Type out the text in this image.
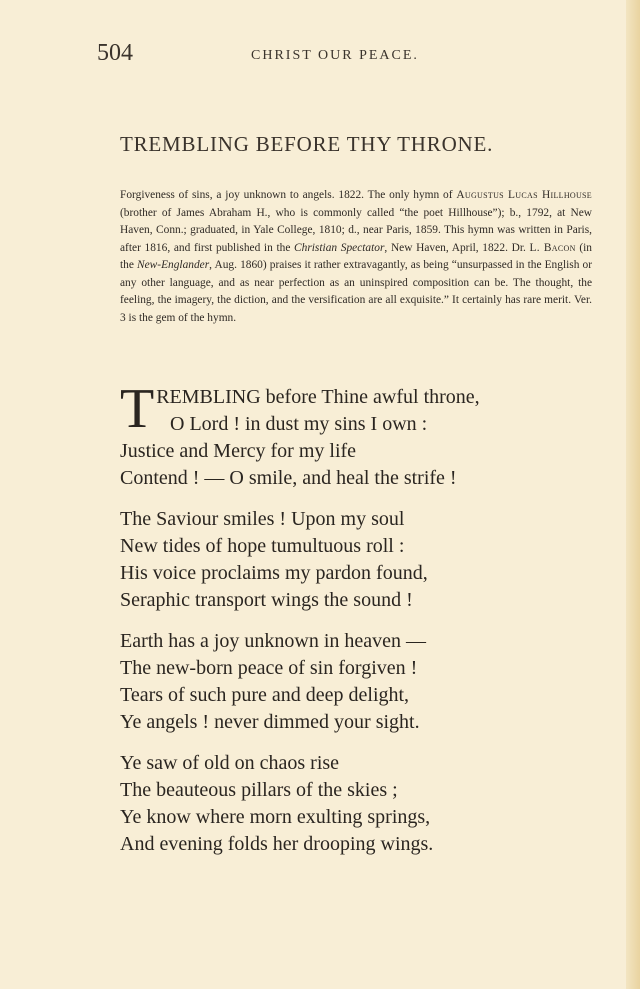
504	CHRIST OUR PEACE.
TREMBLING BEFORE THY THRONE.
Forgiveness of sins, a joy unknown to angels. 1822. The only hymn of Augustus Lucas Hillhouse (brother of James Abraham H., who is commonly called “the poet Hillhouse”); b., 1792, at New Haven, Conn.; graduated, in Yale College, 1810; d., near Paris, 1859. This hymn was written in Paris, after 1816, and first published in the Christian Spectator, New Haven, April, 1822. Dr. L. Bacon (in the New-Englander, Aug. 1860) praises it rather extravagantly, as being “unsurpassed in the English or any other language, and as near perfection as an uninspired composition can be. The thought, the feeling, the imagery, the diction, and the versification are all exquisite.” It certainly has rare merit. Ver. 3 is the gem of the hymn.
T REMBLING before Thine awful throne,
O Lord ! in dust my sins I own :
Justice and Mercy for my life
Contend ! — O smile, and heal the strife !
The Saviour smiles ! Upon my soul
New tides of hope tumultuous roll :
His voice proclaims my pardon found,
Seraphic transport wings the sound !
Earth has a joy unknown in heaven —
The new-born peace of sin forgiven !
Tears of such pure and deep delight,
Ye angels ! never dimmed your sight.
Ye saw of old on chaos rise
The beauteous pillars of the skies ;
Ye know where morn exulting springs,
And evening folds her drooping wings.
